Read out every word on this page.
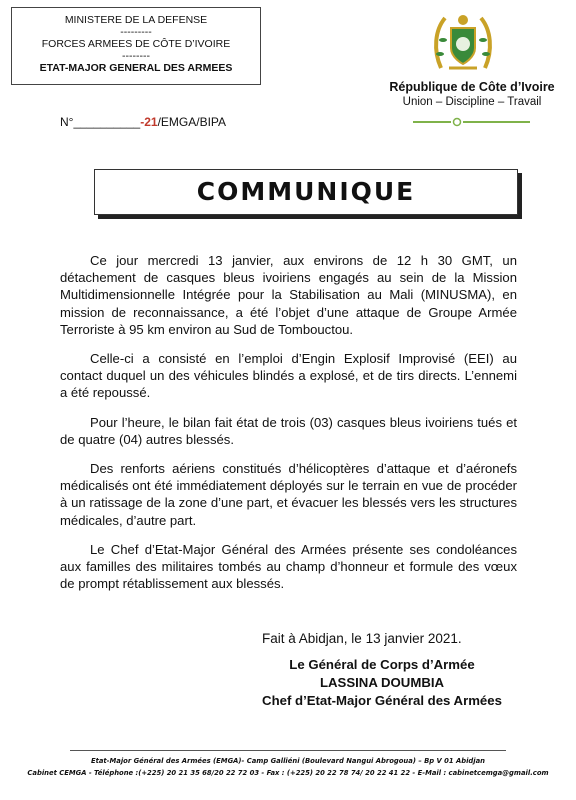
MINISTERE DE LA DEFENSE
---------
FORCES ARMEES DE CÔTE D’IVOIRE
--------
ETAT-MAJOR GENERAL DES ARMEES
République de Côte d’Ivoire
Union – Discipline – Travail
N°__________-21/EMGA/BIPA
COMMUNIQUE

Ce jour mercredi 13 janvier, aux environs de 12 h 30 GMT, un détachement de casques bleus ivoiriens engagés au sein de la Mission Multidimensionnelle Intégrée pour la Stabilisation au Mali (MINUSMA), en mission de reconnaissance, a été l’objet d’une attaque de Groupe Armée Terroriste à 95 km environ au Sud de Tombouctou.

Celle-ci a consisté en l’emploi d’Engin Explosif Improvisé (EEI) au contact duquel un des véhicules blindés a explosé, et de tirs directs. L’ennemi a été repoussé.

Pour l’heure, le bilan fait état de trois (03) casques bleus ivoiriens tués et de quatre (04) autres blessés.

Des renforts aériens constitués d’hélicoptères d’attaque et d’aéronefs médicalisés ont été immédiatement déployés sur le terrain en vue de procéder à un ratissage de la zone d’une part, et évacuer les blessés vers les structures médicales, d’autre part.

Le Chef d’Etat-Major Général des Armées présente ses condoléances aux familles des militaires tombés au champ d’honneur et formule des vœux de prompt rétablissement aux blessés.

Fait à Abidjan, le 13 janvier 2021.
Le Général de Corps d’Armée
LASSINA DOUMBIA
Chef d’Etat-Major Général des Armées
Etat-Major Général des Armées (EMGA)- Camp Galliéni (Boulevard Nangui Abrogoua) – Bp V 01 Abidjan
Cabinet CEMGA - Téléphone :(+225) 20 21 35 68/20 22 72 03 - Fax : (+225) 20 22 78 74/ 20 22 41 22 - E-Mail : cabinetcemga@gmail.com
